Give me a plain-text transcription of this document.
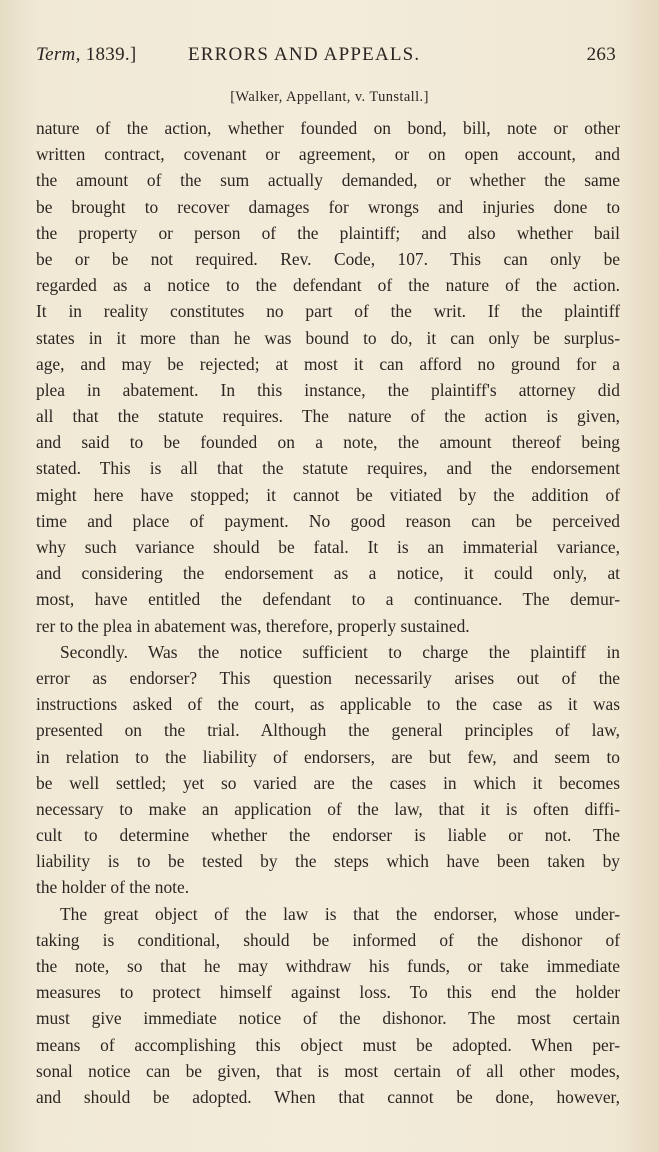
Term, 1839.]	ERRORS AND APPEALS.	263
[Walker, Appellant, v. Tunstall.]
nature of the action, whether founded on bond, bill, note or other
written contract, covenant or agreement, or on open account, and
the amount of the sum actually demanded, or whether the same
be brought to recover damages for wrongs and injuries done to
the property or person of the plaintiff; and also whether bail
be or be not required. Rev. Code, 107. This can only be
regarded as a notice to the defendant of the nature of the action.
It in reality constitutes no part of the writ. If the plaintiff
states in it more than he was bound to do, it can only be surplus-
age, and may be rejected; at most it can afford no ground for a
plea in abatement. In this instance, the plaintiff's attorney did
all that the statute requires. The nature of the action is given,
and said to be founded on a note, the amount thereof being
stated. This is all that the statute requires, and the endorsement
might here have stopped; it cannot be vitiated by the addition of
time and place of payment. No good reason can be perceived
why such variance should be fatal. It is an immaterial variance,
and considering the endorsement as a notice, it could only, at
most, have entitled the defendant to a continuance. The demur-
rer to the plea in abatement was, therefore, properly sustained.
Secondly. Was the notice sufficient to charge the plaintiff in
error as endorser? This question necessarily arises out of the
instructions asked of the court, as applicable to the case as it was
presented on the trial. Although the general principles of law,
in relation to the liability of endorsers, are but few, and seem to
be well settled; yet so varied are the cases in which it becomes
necessary to make an application of the law, that it is often diffi-
cult to determine whether the endorser is liable or not. The
liability is to be tested by the steps which have been taken by
the holder of the note.
The great object of the law is that the endorser, whose under-
taking is conditional, should be informed of the dishonor of
the note, so that he may withdraw his funds, or take immediate
measures to protect himself against loss. To this end the holder
must give immediate notice of the dishonor. The most certain
means of accomplishing this object must be adopted. When per-
sonal notice can be given, that is most certain of all other modes,
and should be adopted. When that cannot be done, however,
